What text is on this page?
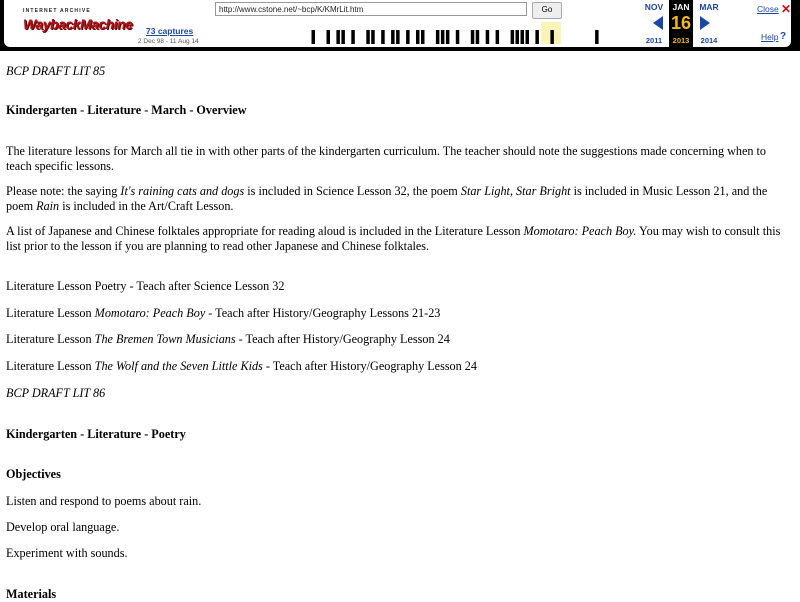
INTERNET ARCHIVE
WaybackMachine 73 captures
2 Dec 98 - 11 Aug 14
http://www.cstone.net/~bcp/K/KMrLit.htm
Go	NOV
2011
JAN
16
2013
MAR
2014
Close ✕
Help ?

BCP DRAFT LIT 85

Kindergarten - Literature - March - Overview

The literature lessons for March all tie in with other parts of the kindergarten curriculum. The teacher should note the suggestions made concerning when to teach specific lessons.

Please note: the saying It's raining cats and dogs is included in Science Lesson 32, the poem Star Light, Star Bright is included in Music Lesson 21, and the poem Rain is included in the Art/Craft Lesson.

A list of Japanese and Chinese folktales appropriate for reading aloud is included in the Literature Lesson Momotaro: Peach Boy. You may wish to consult this list prior to the lesson if you are planning to read other Japanese and Chinese folktales.

Literature Lesson Poetry - Teach after Science Lesson 32

Literature Lesson Momotaro: Peach Boy - Teach after History/Geography Lessons 21-23

Literature Lesson The Bremen Town Musicians - Teach after History/Geography Lesson 24

Literature Lesson The Wolf and the Seven Little Kids - Teach after History/Geography Lesson 24

BCP DRAFT LIT 86

Kindergarten - Literature - Poetry

Objectives

Listen and respond to poems about rain.

Develop oral language.

Experiment with sounds.

Materials
